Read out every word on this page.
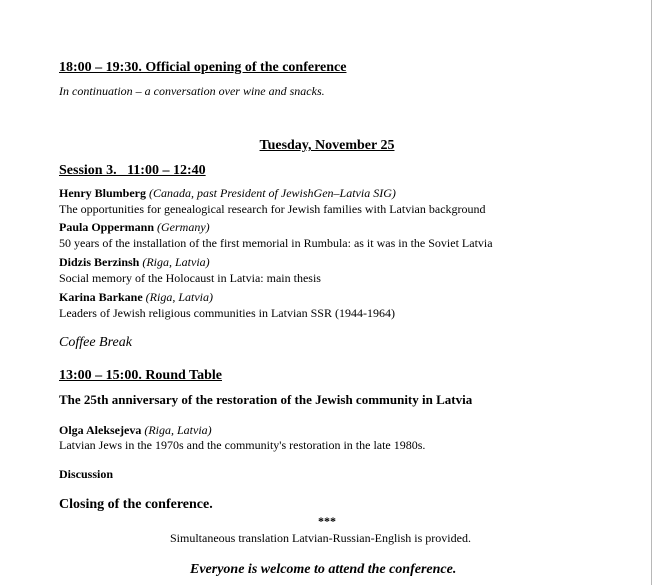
18:00 – 19:30. Official opening of the conference
In continuation – a conversation over wine and snacks.
Tuesday, November 25
Session 3.   11:00 – 12:40
Henry Blumberg (Canada, past President of JewishGen–Latvia SIG)
The opportunities for genealogical research for Jewish families with Latvian background
Paula Oppermann (Germany)
50 years of the installation of the first memorial in Rumbula: as it was in the Soviet Latvia
Didzis Berzinsh (Riga, Latvia)
Social memory of the Holocaust in Latvia: main thesis
Karina Barkane (Riga, Latvia)
Leaders of Jewish religious communities in Latvian SSR (1944-1964)
Coffee Break
13:00 – 15:00. Round Table
The 25th anniversary of the restoration of the Jewish community in Latvia
Olga Aleksejeva (Riga, Latvia)
Latvian Jews in the 1970s and the community's restoration in the late 1980s.
Discussion
Closing of the conference.
***
Simultaneous translation Latvian-Russian-English is provided.
Everyone is welcome to attend the conference.
